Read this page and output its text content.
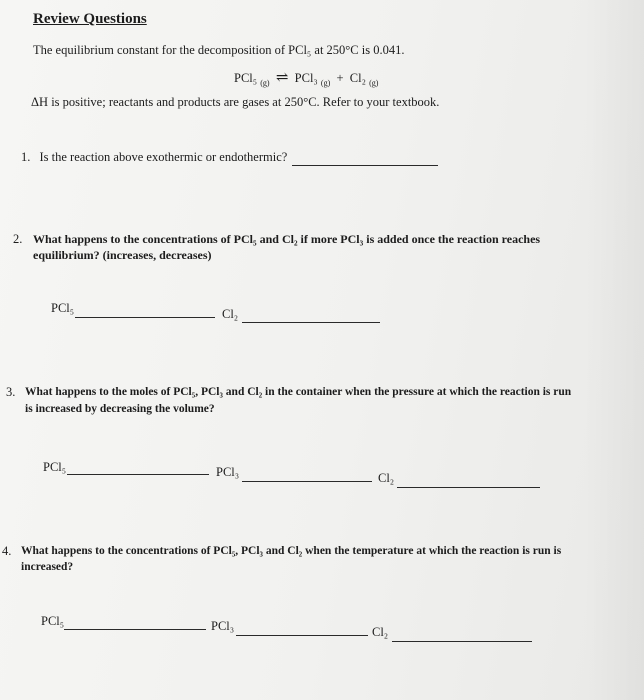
Review Questions
The equilibrium constant for the decomposition of PCl₅ at 250°C is 0.041.
PCl₅ $_{(g)}$ ⇌ PCl₃ $_{(g)}$ + Cl₂ $_{(g)}$
ΔH is positive; reactants and products are gases at 250°C. Refer to your textbook.
1. Is the reaction above exothermic or endothermic?
2. What happens to the concentrations of PCl₅ and Cl₂ if more PCl₃ is added once the reaction reaches
equilibrium? (increases, decreases)
PCl₅	Cl₂
3. What happens to the moles of PCl₅, PCl₃ and Cl₂ in the container when the pressure at which the reaction is run
is increased by decreasing the volume?
PCl₅	PCl₃	Cl₂
4. What happens to the concentrations of PCl₅, PCl₃ and Cl₂ when the temperature at which the reaction is run is
increased?
PCl₅	PCl₃	Cl₂
